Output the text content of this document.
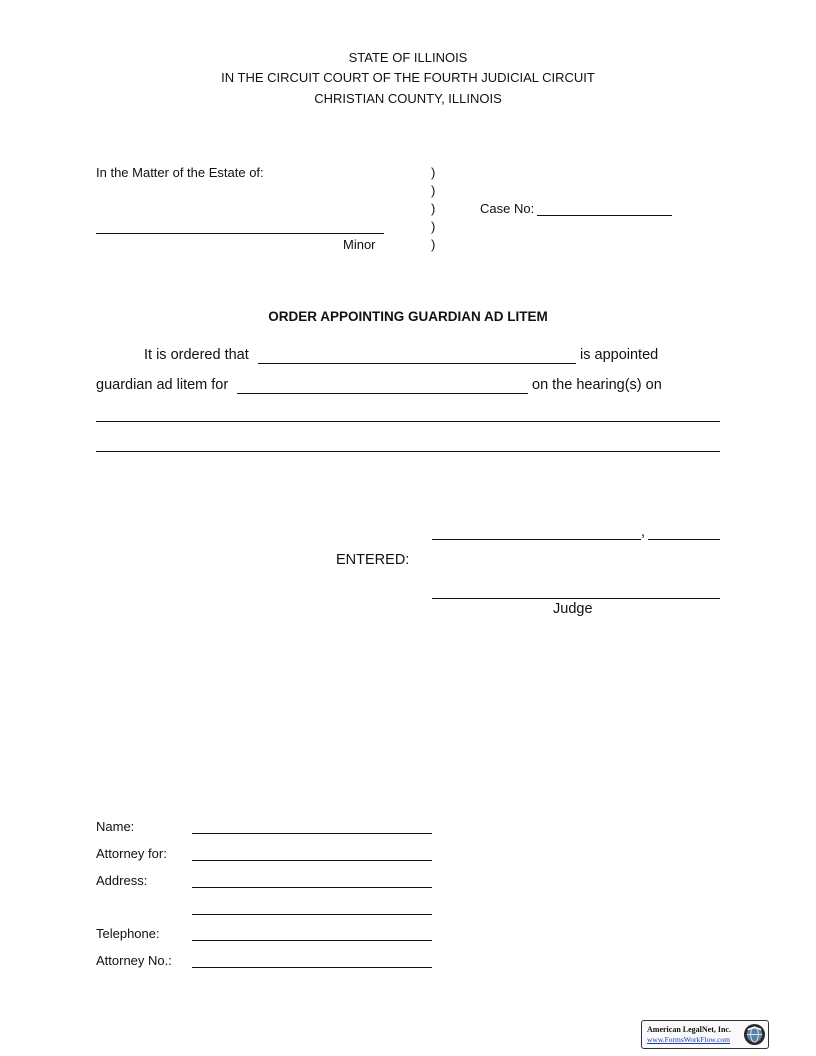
STATE OF ILLINOIS
IN THE CIRCUIT COURT OF THE FOURTH JUDICIAL CIRCUIT
CHRISTIAN COUNTY, ILLINOIS
In the Matter of the Estate of:
Minor
)
)
)
)
)
Case No:
ORDER APPOINTING GUARDIAN AD LITEM
It is ordered that	is appointed
guardian ad litem for	on the hearing(s) on
,
ENTERED:
Judge
Name:
Attorney for:
Address:
Telephone:
Attorney No.:
American LegalNet, Inc.
www.FormsWorkFlow.com
